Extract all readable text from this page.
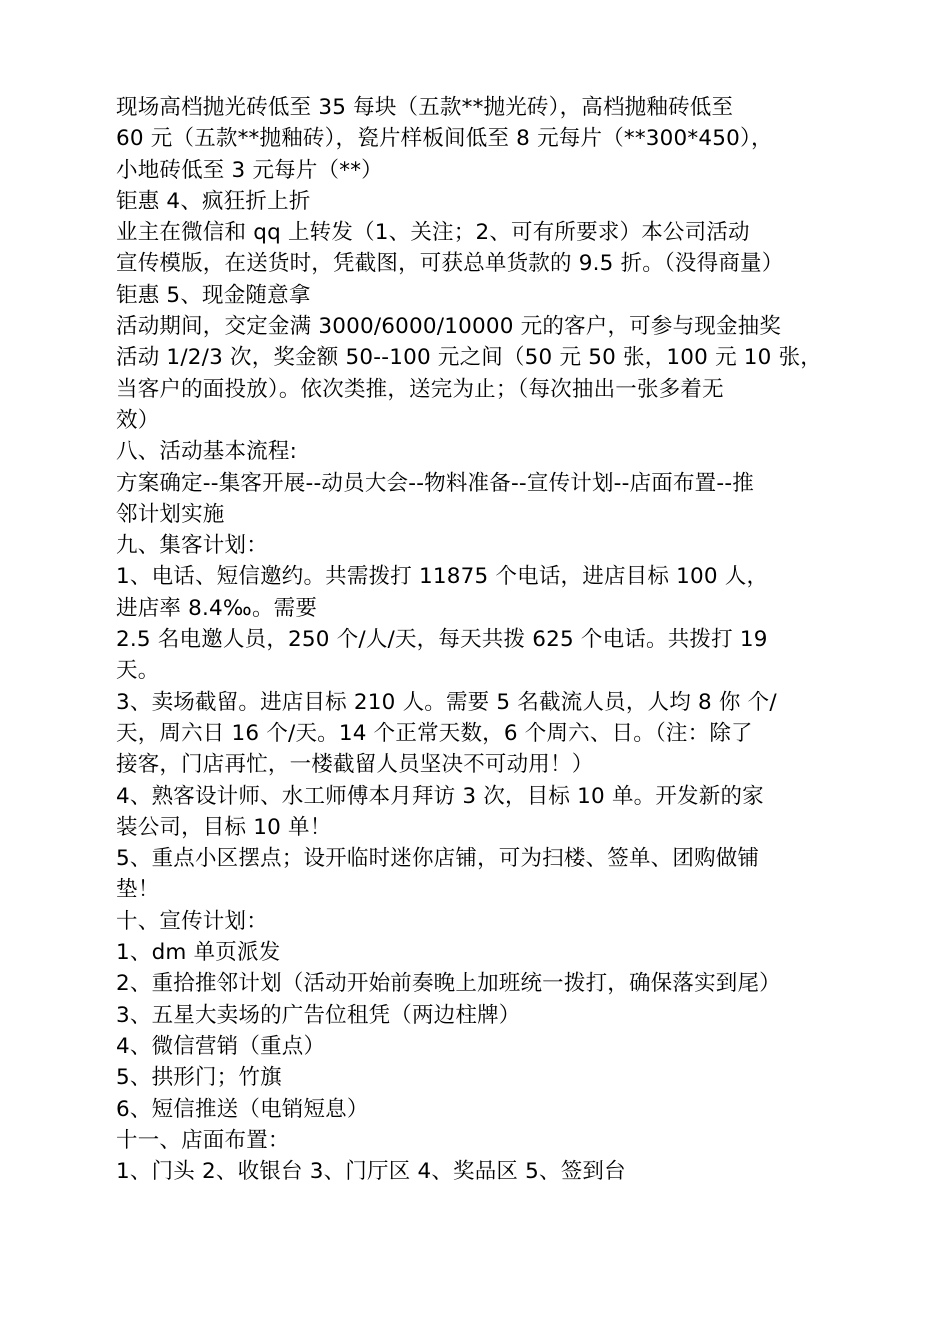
现场高档抛光砖低至 35 每块（五款**抛光砖），高档抛釉砖低至
60 元（五款**抛釉砖），瓷片样板间低至 8 元每片（**300*450），
小地砖低至 3 元每片（**）
钜惠 4、疯狂折上折
业主在微信和 qq 上转发（1、关注；2、可有所要求）本公司活动
宣传模版，在送货时，凭截图，可获总单货款的 9.5 折。（没得商量）
钜惠 5、现金随意拿
活动期间，交定金满 3000/6000/10000 元的客户，可参与现金抽奖
活动 1/2/3 次，奖金额 50--100 元之间（50 元 50 张，100 元 10 张，
当客户的面投放）。依次类推，送完为止；（每次抽出一张多着无
效）
八、活动基本流程:
方案确定--集客开展--动员大会--物料准备--宣传计划--店面布置--推
邻计划实施
九、集客计划：
1、电话、短信邀约。共需拨打 11875 个电话，进店目标 100 人，
进店率 8.4‰。需要
2.5 名电邀人员，250 个/人/天，每天共拨 625 个电话。共拨打 19
天。
3、卖场截留。进店目标 210 人。需要 5 名截流人员，人均 8 你 个/
天，周六日 16 个/天。14 个正常天数，6 个周六、日。（注：除了
接客，门店再忙，一楼截留人员坚决不可动用！）
4、熟客设计师、水工师傅本月拜访 3 次，目标 10 单。开发新的家
装公司，目标 10 单！
5、重点小区摆点；设开临时迷你店铺，可为扫楼、签单、团购做铺
垫！
十、宣传计划：
1、dm 单页派发
2、重拾推邻计划（活动开始前奏晚上加班统一拨打，确保落实到尾）
3、五星大卖场的广告位租凭（两边柱牌）
4、微信营销（重点）
5、拱形门；竹旗
6、短信推送（电销短息）
十一、店面布置：
1、门头 2、收银台 3、门厅区 4、奖品区 5、签到台
